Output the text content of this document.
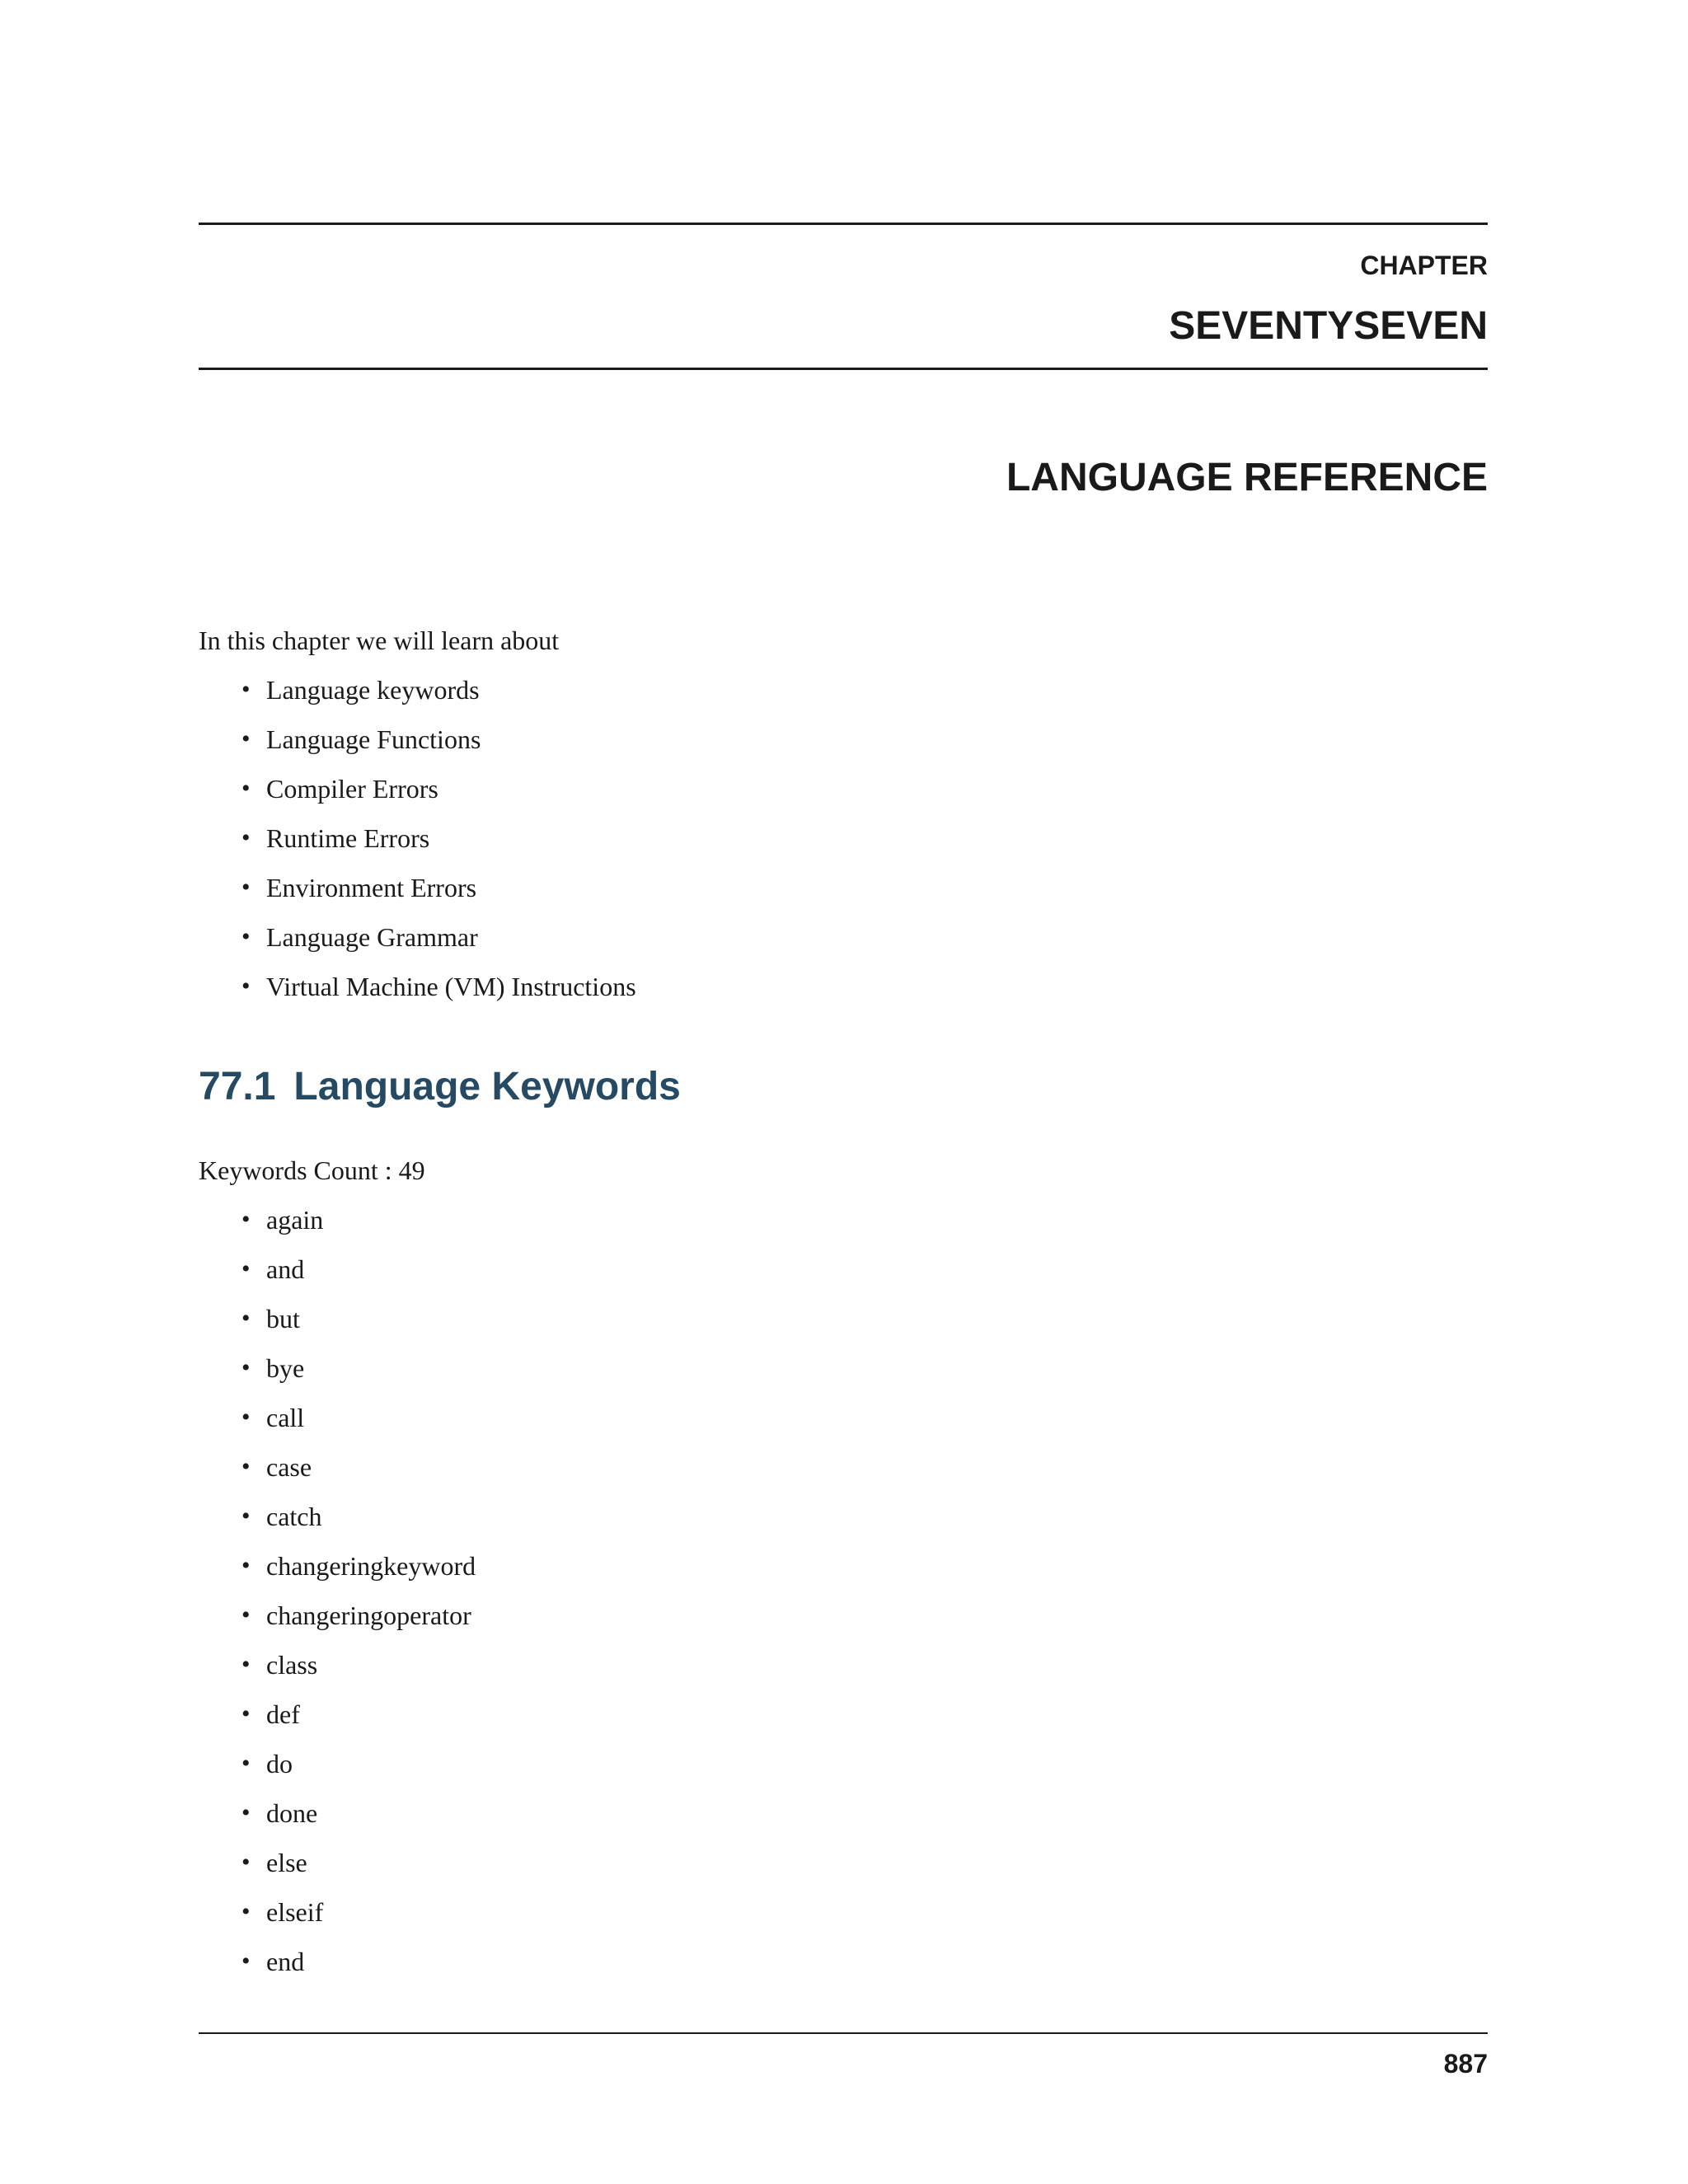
CHAPTER
SEVENTYSEVEN
LANGUAGE REFERENCE
In this chapter we will learn about
• Language keywords
• Language Functions
• Compiler Errors
• Runtime Errors
• Environment Errors
• Language Grammar
• Virtual Machine (VM) Instructions
77.1 Language Keywords
Keywords Count : 49
• again
• and
• but
• bye
• call
• case
• catch
• changeringkeyword
• changeringoperator
• class
• def
• do
• done
• else
• elseif
• end
887
